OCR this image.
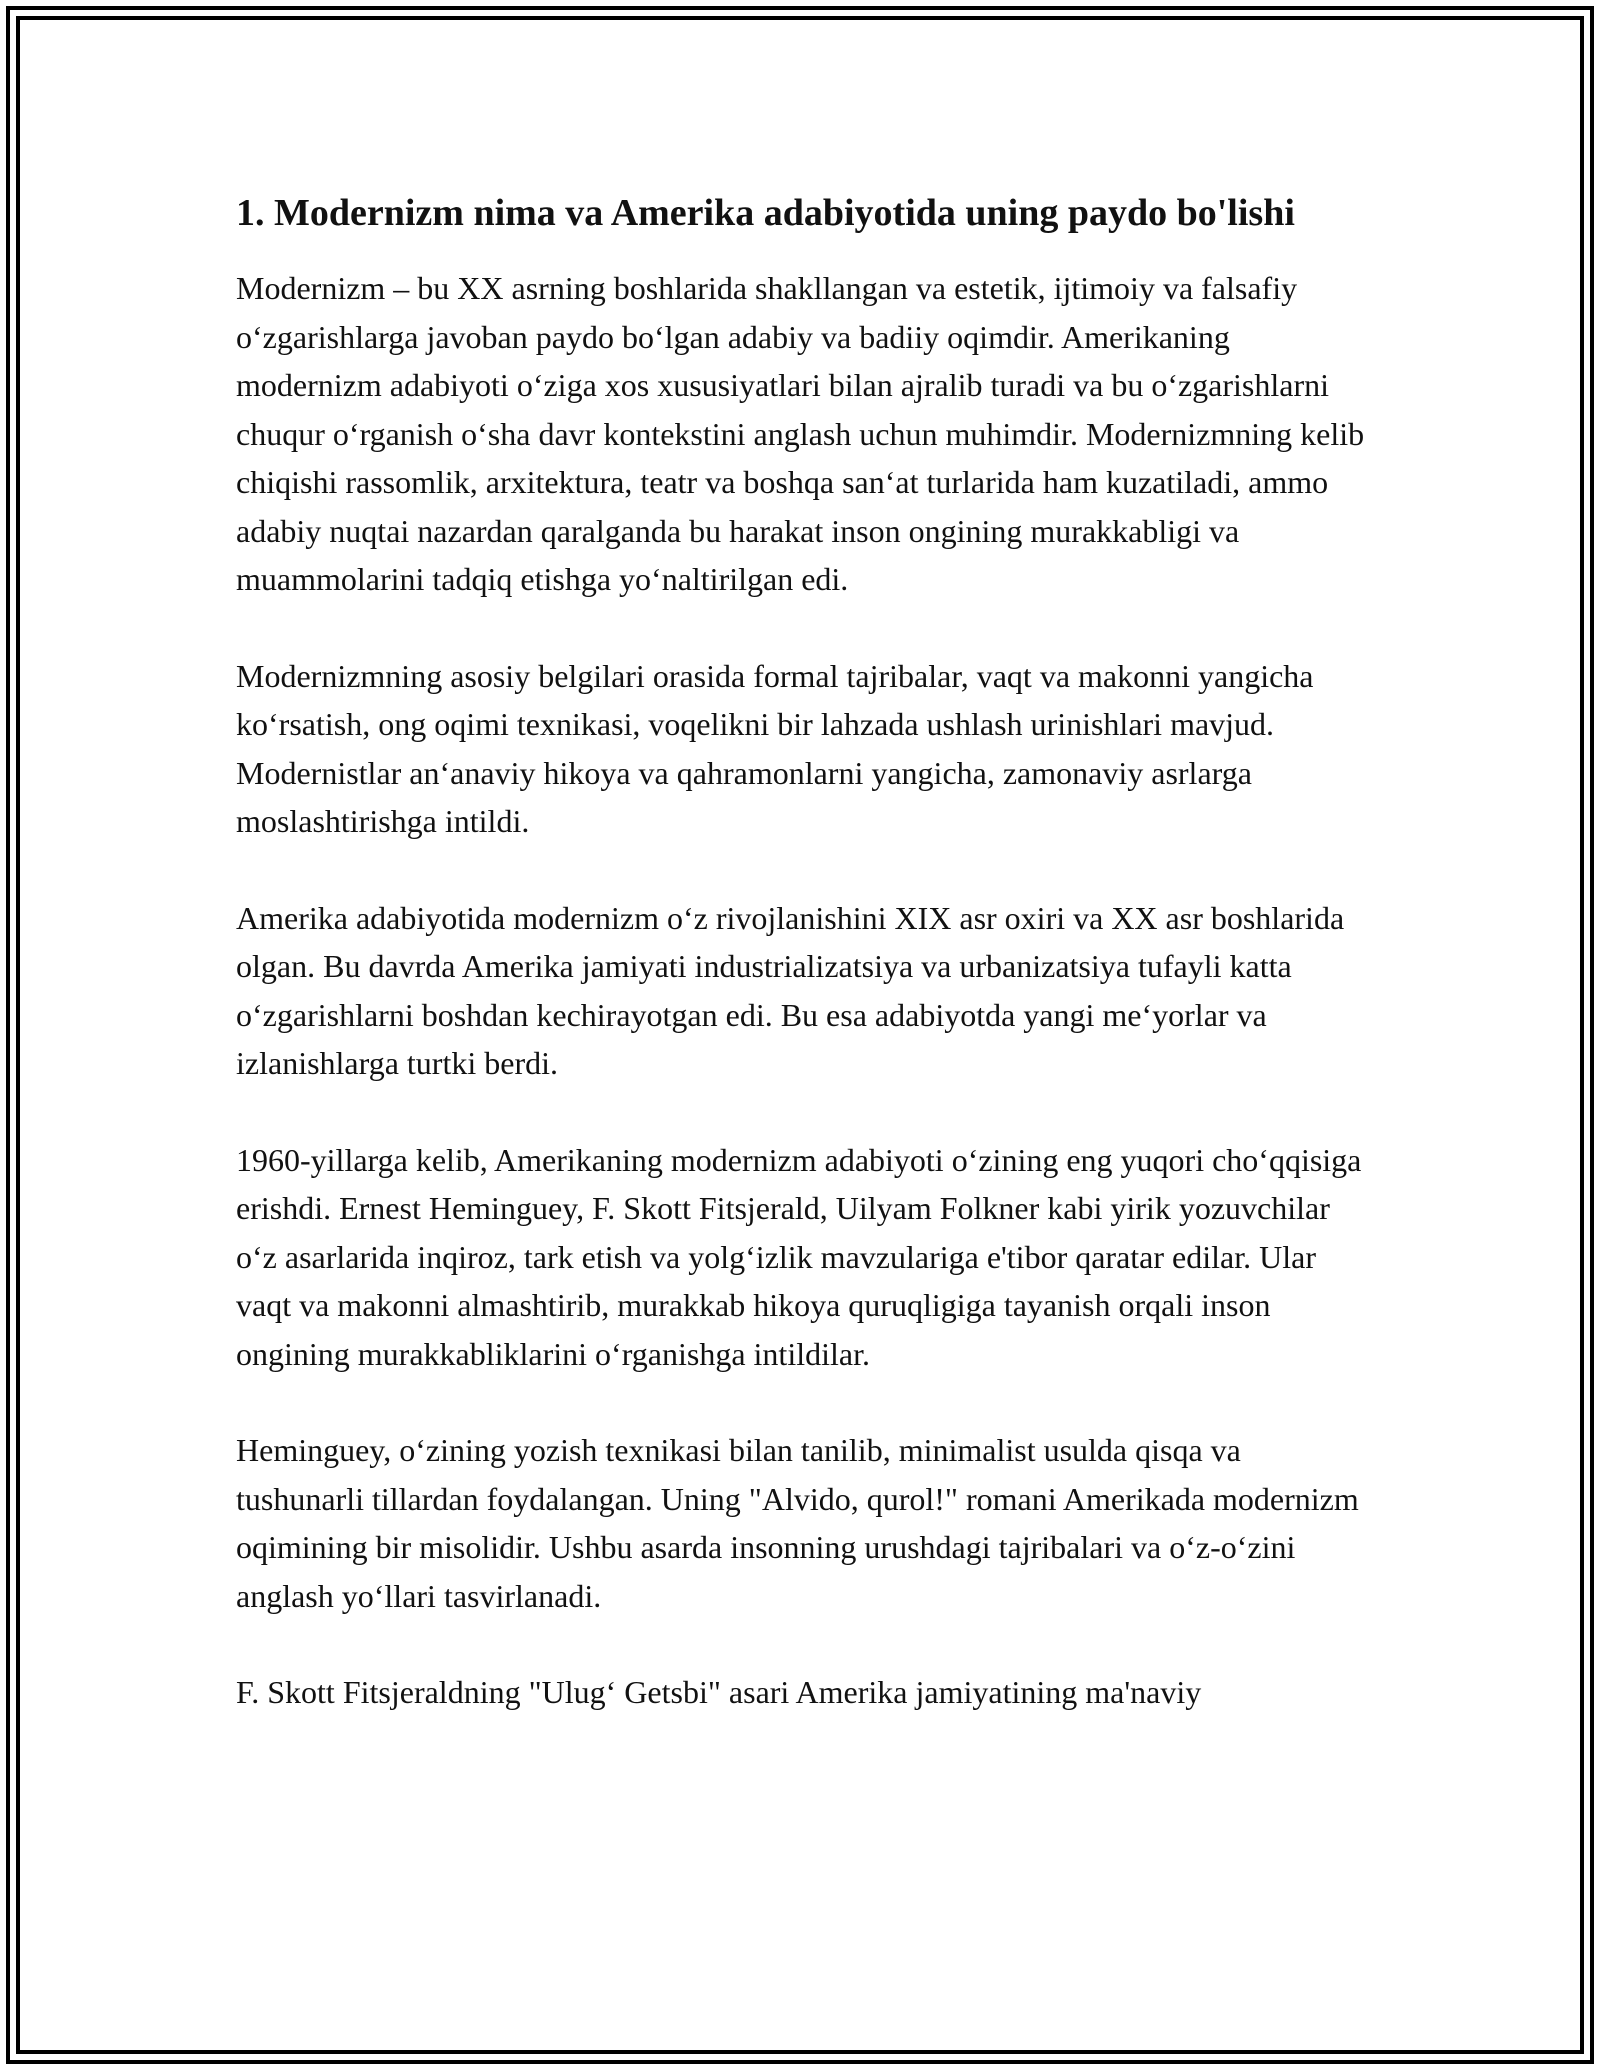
1. Modernizm nima va Amerika adabiyotida uning paydo bo'lishi

Modernizm – bu XX asrning boshlarida shakllangan va estetik, ijtimoiy va falsafiy o‘zgarishlarga javoban paydo bo‘lgan adabiy va badiiy oqimdir. Amerikaning modernizm adabiyoti o‘ziga xos xususiyatlari bilan ajralib turadi va bu o‘zgarishlarni chuqur o‘rganish o‘sha davr kontekstini anglash uchun muhimdir. Modernizmning kelib chiqishi rassomlik, arxitektura, teatr va boshqa san‘at turlarida ham kuzatiladi, ammo adabiy nuqtai nazardan qaralganda bu harakat inson ongining murakkabligi va muammolarini tadqiq etishga yo‘naltirilgan edi.

Modernizmning asosiy belgilari orasida formal tajribalar, vaqt va makonni yangicha ko‘rsatish, ong oqimi texnikasi, voqelikni bir lahzada ushlash urinishlari mavjud. Modernistlar an‘anaviy hikoya va qahramonlarni yangicha, zamonaviy asrlarga moslashtirishga intildi.

Amerika adabiyotida modernizm o‘z rivojlanishini XIX asr oxiri va XX asr boshlarida olgan. Bu davrda Amerika jamiyati industrializatsiya va urbanizatsiya tufayli katta o‘zgarishlarni boshdan kechirayotgan edi. Bu esa adabiyotda yangi me‘yorlar va izlanishlarga turtki berdi.

1960-yillarga kelib, Amerikaning modernizm adabiyoti o‘zining eng yuqori cho‘qqisiga erishdi. Ernest Heminguey, F. Skott Fitsjerald, Uilyam Folkner kabi yirik yozuvchilar o‘z asarlarida inqiroz, tark etish va yolg‘izlik mavzulariga e'tibor qaratar edilar. Ular vaqt va makonni almashtirib, murakkab hikoya quruqligiga tayanish orqali inson ongining murakkabliklarini o‘rganishga intildilar.

Heminguey, o‘zining yozish texnikasi bilan tanilib, minimalist usulda qisqa va tushunarli tillardan foydalangan. Uning "Alvido, qurol!" romani Amerikada modernizm oqimining bir misolidir. Ushbu asarda insonning urushdagi tajribalari va o‘z-o‘zini anglash yo‘llari tasvirlanadi.

F. Skott Fitsjeraldning "Ulug‘ Getsbi" asari Amerika jamiyatining ma'naviy
